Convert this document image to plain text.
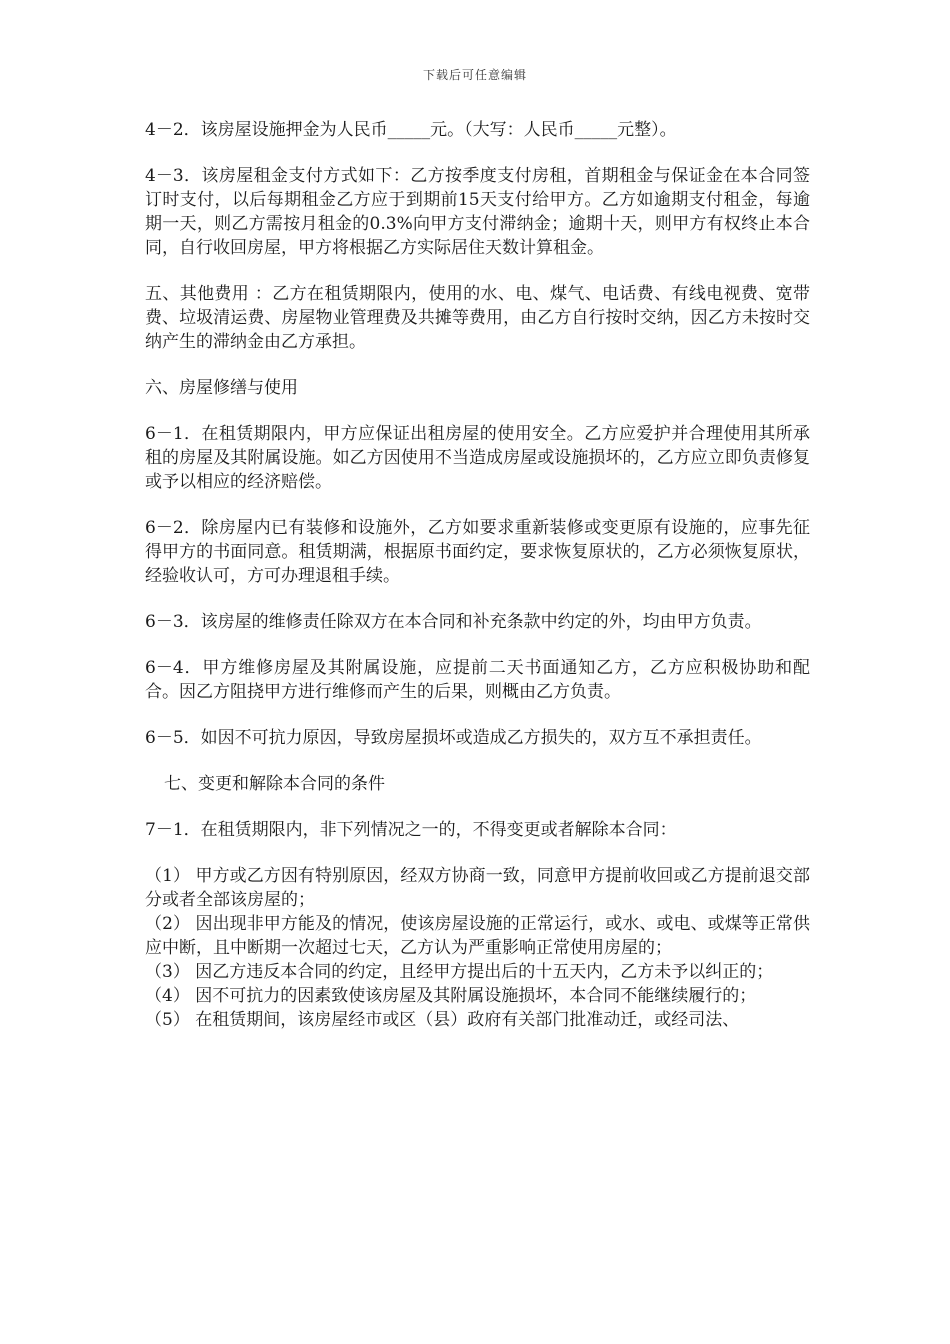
下载后可任意编辑

4－2．该房屋设施押金为人民币_____元。（大写：人民币_____元整）。

4－3．该房屋租金支付方式如下：乙方按季度支付房租，首期租金与保证金在本合同签订时支付，以后每期租金乙方应于到期前15天支付给甲方。乙方如逾期支付租金，每逾期一天，则乙方需按月租金的0.3%向甲方支付滞纳金；逾期十天，则甲方有权终止本合同，自行收回房屋，甲方将根据乙方实际居住天数计算租金。

五、其他费用 ：乙方在租赁期限内，使用的水、电、煤气、电话费、有线电视费、宽带费、垃圾清运费、房屋物业管理费及共摊等费用，由乙方自行按时交纳，因乙方未按时交纳产生的滞纳金由乙方承担。

六、房屋修缮与使用

6－1．在租赁期限内，甲方应保证出租房屋的使用安全。乙方应爱护并合理使用其所承租的房屋及其附属设施。如乙方因使用不当造成房屋或设施损坏的，乙方应立即负责修复或予以相应的经济赔偿。

6－2．除房屋内已有装修和设施外，乙方如要求重新装修或变更原有设施的，应事先征得甲方的书面同意。租赁期满，根据原书面约定，要求恢复原状的，乙方必须恢复原状，经验收认可，方可办理退租手续。

6－3．该房屋的维修责任除双方在本合同和补充条款中约定的外，均由甲方负责。

6－4．甲方维修房屋及其附属设施，应提前二天书面通知乙方，乙方应积极协助和配合。因乙方阻挠甲方进行维修而产生的后果，则概由乙方负责。

6－5．如因不可抗力原因，导致房屋损坏或造成乙方损失的，双方互不承担责任。

七、变更和解除本合同的条件

7－1．在租赁期限内，非下列情况之一的，不得变更或者解除本合同：

（1） 甲方或乙方因有特别原因，经双方协商一致，同意甲方提前收回或乙方提前退交部分或者全部该房屋的；

（2） 因出现非甲方能及的情况，使该房屋设施的正常运行，或水、或电、或煤等正常供应中断，且中断期一次超过七天，乙方认为严重影响正常使用房屋的；

（3） 因乙方违反本合同的约定，且经甲方提出后的十五天内，乙方未予以纠正的；

（4） 因不可抗力的因素致使该房屋及其附属设施损坏，本合同不能继续履行的；

（5） 在租赁期间，该房屋经市或区（县）政府有关部门批准动迁，或经司法、
